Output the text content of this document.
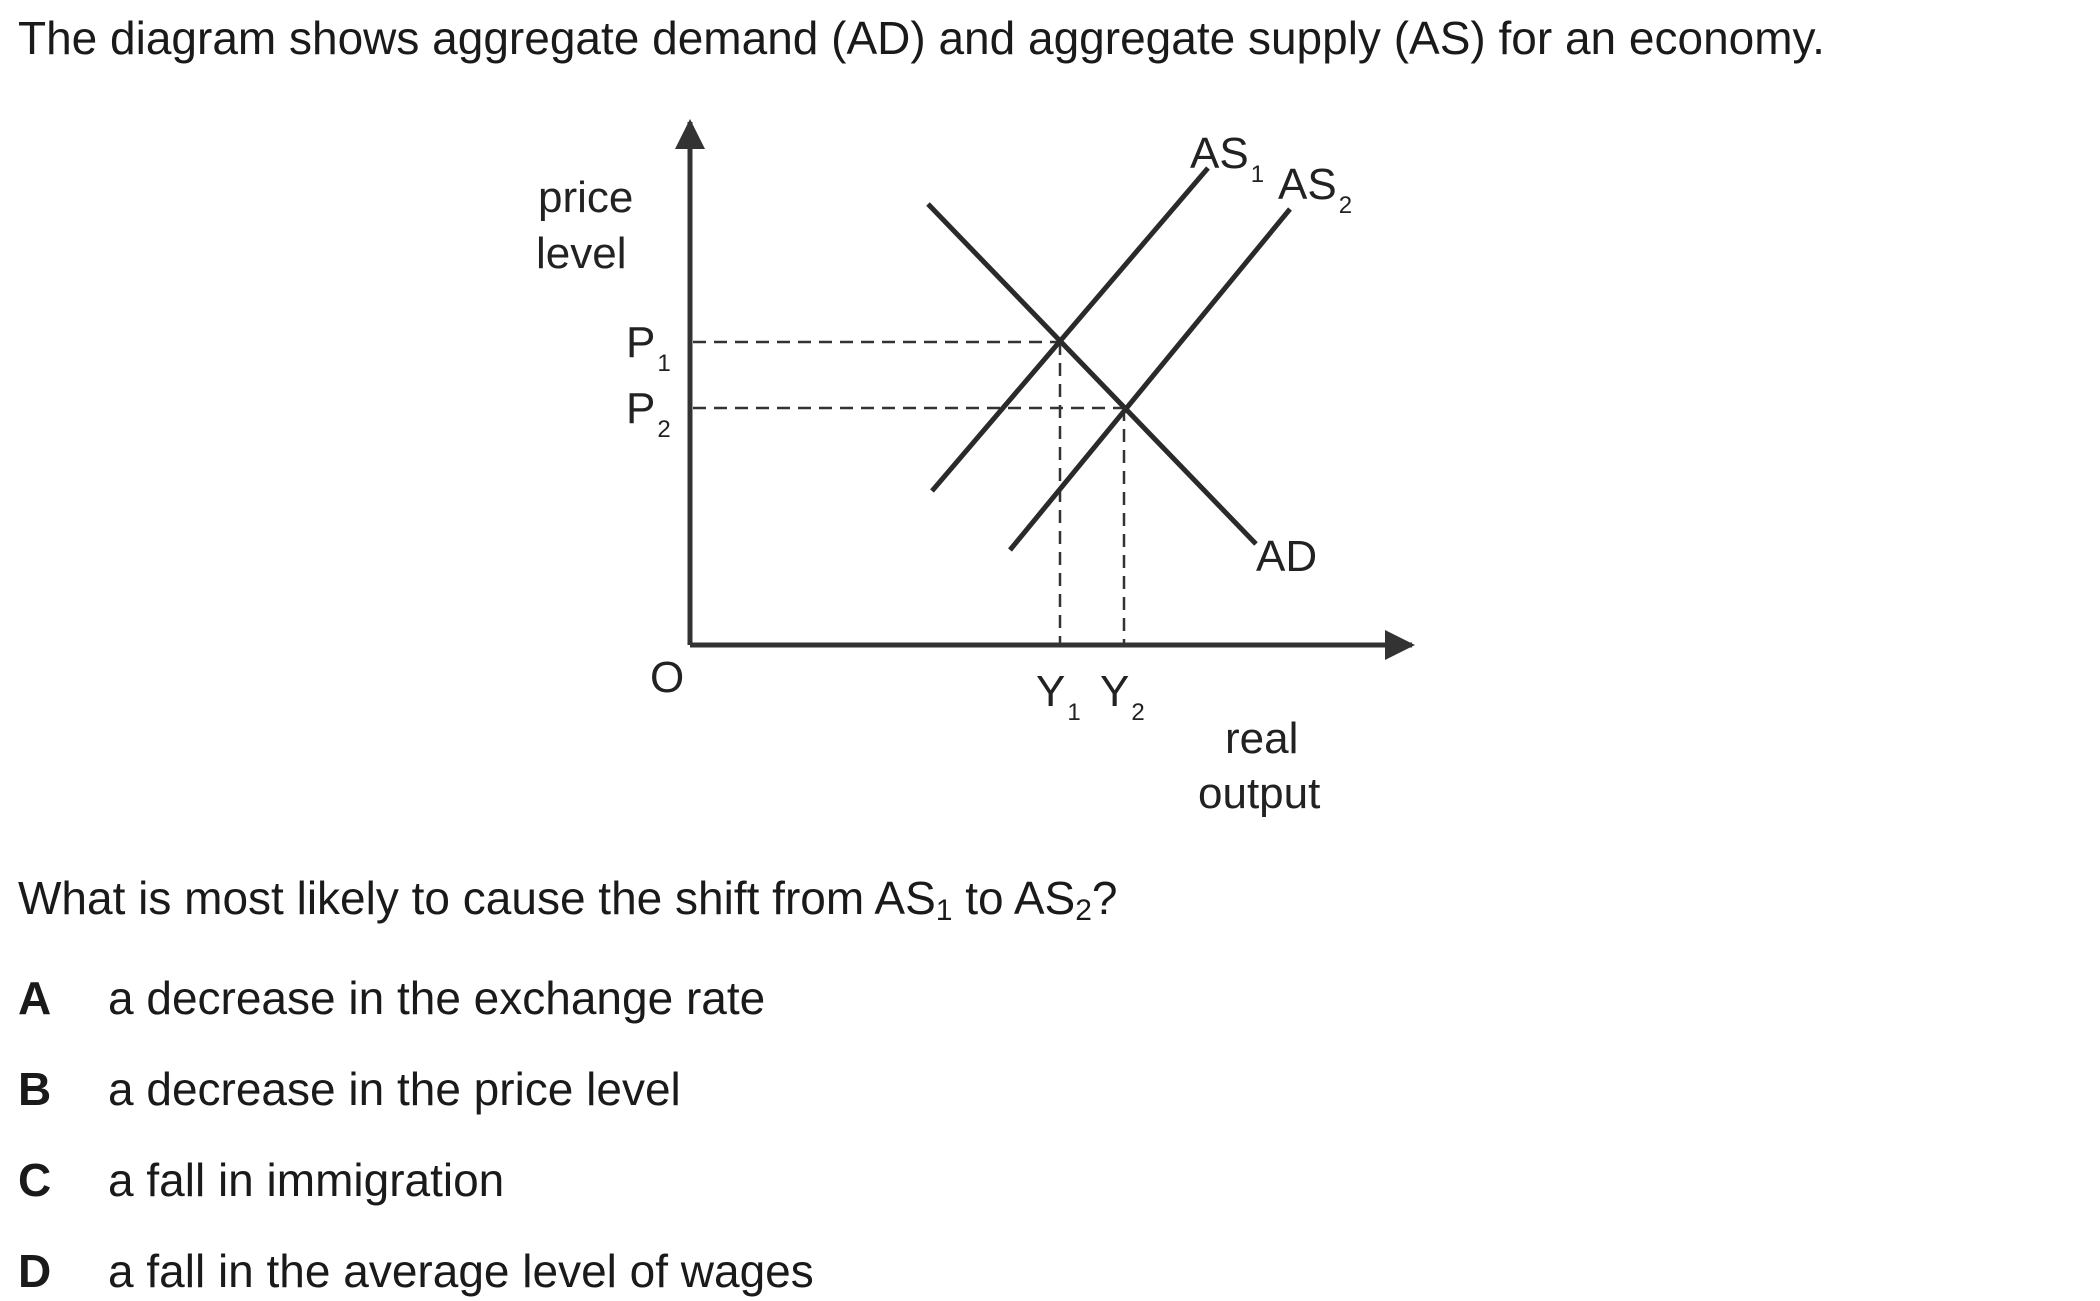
The diagram shows aggregate demand (AD) and aggregate supply (AS) for an economy.
price
level
$P_1$
$P_2$
O	$Y_1$ $Y_2$
$AS_1$ $AS_2$
AD
real
output
What is most likely to cause the shift from $AS_1$ to $AS_2$?
A a decrease in the exchange rate
B a decrease in the price level
C a fall in immigration
D a fall in the average level of wages
